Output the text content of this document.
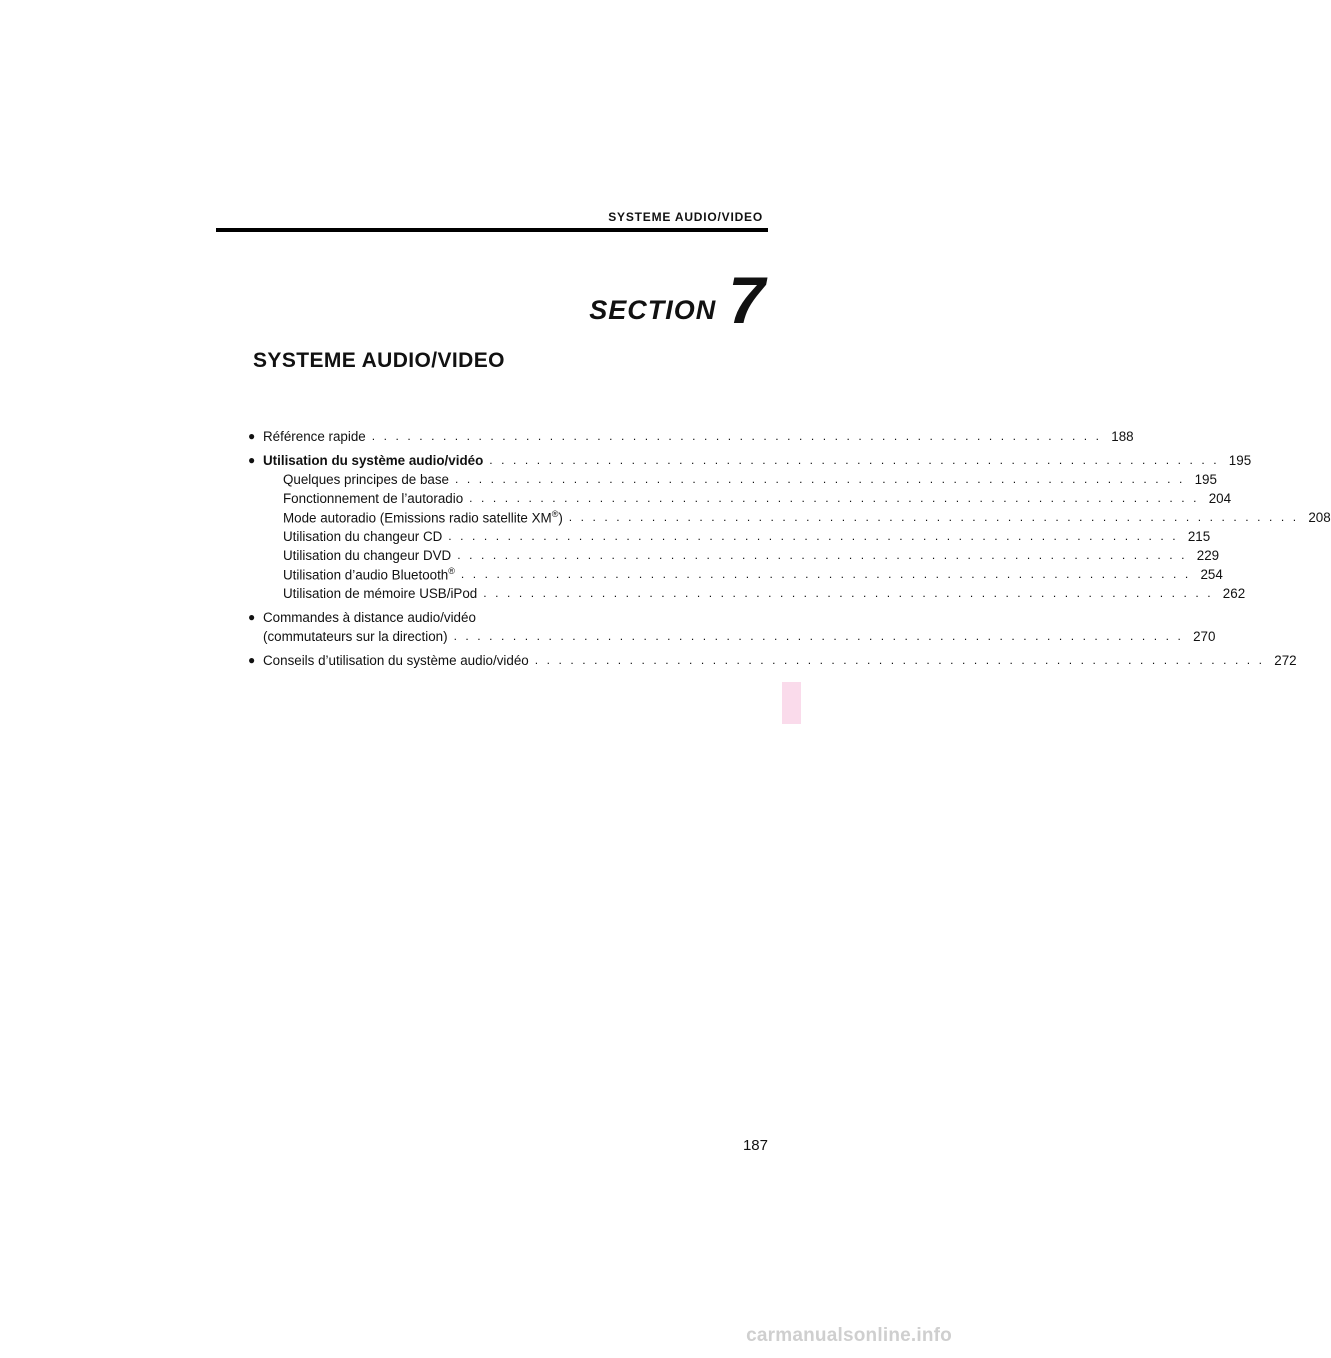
SYSTEME AUDIO/VIDEO
SECTION 7
SYSTEME AUDIO/VIDEO
● Référence rapide . . . . . . . . . . . . . . . . . . . . . . . . . . . . . . . . . . . . . . . . . . . . . . . . . . . . . . . . . . . . . . 188
● Utilisation du système audio/vidéo . . . . . . . . . . . . . . . . . . . . . . . . . . . . . . . . . . . . . . . . . . . . . . . . . . . . . . . . . . . . . . 195
Quelques principes de base . . . . . . . . . . . . . . . . . . . . . . . . . . . . . . . . . . . . . . . . . . . . . . . . . . . . . . . . . . . . . . 195
Fonctionnement de l’autoradio . . . . . . . . . . . . . . . . . . . . . . . . . . . . . . . . . . . . . . . . . . . . . . . . . . . . . . . . . . . . . . 204
Mode autoradio (Emissions radio satellite XM®) . . . . . . . . . . . . . . . . . . . . . . . . . . . . . . . . . . . . . . . . . . . . . . . . . . . . . . . . . . . . . . 208
Utilisation du changeur CD . . . . . . . . . . . . . . . . . . . . . . . . . . . . . . . . . . . . . . . . . . . . . . . . . . . . . . . . . . . . . . 215
Utilisation du changeur DVD . . . . . . . . . . . . . . . . . . . . . . . . . . . . . . . . . . . . . . . . . . . . . . . . . . . . . . . . . . . . . . 229
Utilisation d’audio Bluetooth® . . . . . . . . . . . . . . . . . . . . . . . . . . . . . . . . . . . . . . . . . . . . . . . . . . . . . . . . . . . . . . 254
Utilisation de mémoire USB/iPod . . . . . . . . . . . . . . . . . . . . . . . . . . . . . . . . . . . . . . . . . . . . . . . . . . . . . . . . . . . . . . 262
● Commandes à distance audio/vidéo
(commutateurs sur la direction) . . . . . . . . . . . . . . . . . . . . . . . . . . . . . . . . . . . . . . . . . . . . . . . . . . . . . . . . . . . . . . 270
● Conseils d’utilisation du système audio/vidéo . . . . . . . . . . . . . . . . . . . . . . . . . . . . . . . . . . . . . . . . . . . . . . . . . . . . . . . . . . . . . . 272
187
carmanualsonline.info
